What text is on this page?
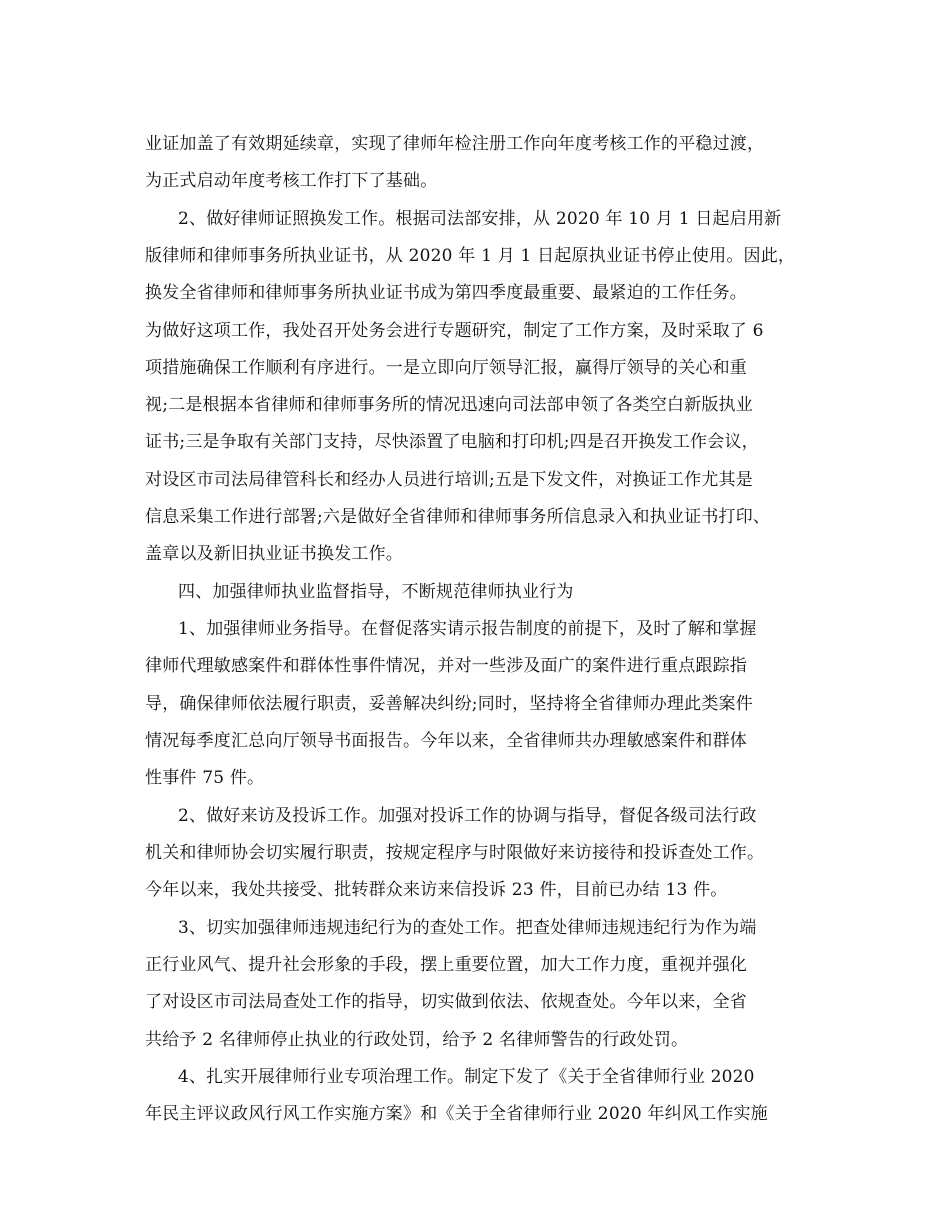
业证加盖了有效期延续章，实现了律师年检注册工作向年度考核工作的平稳过渡，
为正式启动年度考核工作打下了基础。
2、做好律师证照换发工作。根据司法部安排，从 2020 年 10 月 1 日起启用新
版律师和律师事务所执业证书，从 2020 年 1 月 1 日起原执业证书停止使用。因此，
换发全省律师和律师事务所执业证书成为第四季度最重要、最紧迫的工作任务。
为做好这项工作，我处召开处务会进行专题研究，制定了工作方案，及时采取了 6
项措施确保工作顺利有序进行。一是立即向厅领导汇报，赢得厅领导的关心和重
视;二是根据本省律师和律师事务所的情况迅速向司法部申领了各类空白新版执业
证书;三是争取有关部门支持，尽快添置了电脑和打印机;四是召开换发工作会议，
对设区市司法局律管科长和经办人员进行培训;五是下发文件，对换证工作尤其是
信息采集工作进行部署;六是做好全省律师和律师事务所信息录入和执业证书打印、
盖章以及新旧执业证书换发工作。
四、加强律师执业监督指导，不断规范律师执业行为
1、加强律师业务指导。在督促落实请示报告制度的前提下，及时了解和掌握
律师代理敏感案件和群体性事件情况，并对一些涉及面广的案件进行重点跟踪指
导，确保律师依法履行职责，妥善解决纠纷;同时，坚持将全省律师办理此类案件
情况每季度汇总向厅领导书面报告。今年以来，全省律师共办理敏感案件和群体
性事件 75 件。
2、做好来访及投诉工作。加强对投诉工作的协调与指导，督促各级司法行政
机关和律师协会切实履行职责，按规定程序与时限做好来访接待和投诉查处工作。
今年以来，我处共接受、批转群众来访来信投诉 23 件，目前已办结 13 件。
3、切实加强律师违规违纪行为的查处工作。把查处律师违规违纪行为作为端
正行业风气、提升社会形象的手段，摆上重要位置，加大工作力度，重视并强化
了对设区市司法局查处工作的指导，切实做到依法、依规查处。今年以来，全省
共给予 2 名律师停止执业的行政处罚，给予 2 名律师警告的行政处罚。
4、扎实开展律师行业专项治理工作。制定下发了《关于全省律师行业 2020
年民主评议政风行风工作实施方案》和《关于全省律师行业 2020 年纠风工作实施
